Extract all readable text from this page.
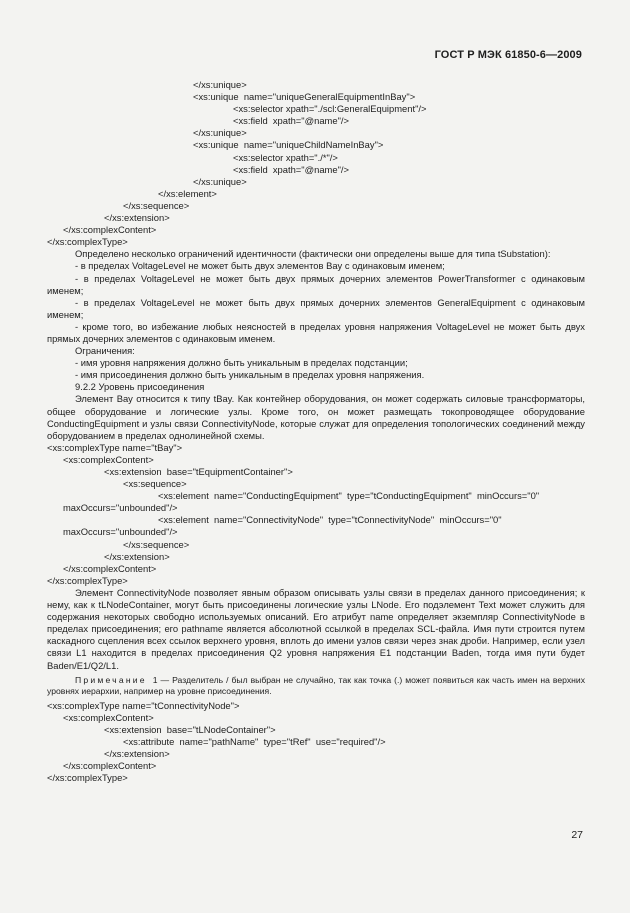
ГОСТ Р МЭК 61850-6—2009
</xs:unique>
<xs:unique  name="uniqueGeneralEquipmentInBay">
<xs:selector xpath="./scl:GeneralEquipment"/>
<xs:field  xpath="@name"/>
</xs:unique>
<xs:unique  name="uniqueChildNameInBay">
<xs:selector xpath="./*"/>
<xs:field  xpath="@name"/>
</xs:unique>
</xs:element>
</xs:sequence>
</xs:extension>
</xs:complexContent>
</xs:complexType>

Определено несколько ограничений идентичности (фактически они определены выше для типа tSubstation):

- в пределах VoltageLevel не может быть двух элементов Bay с одинаковым именем;

- в пределах VoltageLevel не может быть двух прямых дочерних элементов PowerTransformer с одинаковым именем;

- в пределах VoltageLevel не может быть двух прямых дочерних элементов GeneralEquipment с одинаковым именем;

- кроме того, во избежание любых неясностей в пределах уровня напряжения VoltageLevel не может быть двух прямых дочерних элементов с одинаковым именем.

Ограничения:

- имя уровня напряжения должно быть уникальным в пределах подстанции;

- имя присоединения должно быть уникальным в пределах уровня напряжения.

9.2.2 Уровень присоединения

Элемент Bay относится к типу tBay. Как контейнер оборудования, он может содержать силовые трансформаторы, общее оборудование и логические узлы. Кроме того, он может размещать токопроводящее оборудование ConductingEquipment и узлы связи ConnectivityNode, которые служат для определения топологических соединений между оборудованием в пределах однолинейной схемы.

<xs:complexType name="tBay">
<xs:complexContent>
<xs:extension  base="tEquipmentContainer">
<xs:sequence>
<xs:element  name="ConductingEquipment"  type="tConductingEquipment"  minOccurs="0"
maxOccurs="unbounded"/>
<xs:element  name="ConnectivityNode"  type="tConnectivityNode"  minOccurs="0"
maxOccurs="unbounded"/>
</xs:sequence>
</xs:extension>
</xs:complexContent>
</xs:complexType>

Элемент ConnectivityNode позволяет явным образом описывать узлы связи в пределах данного присоединения; к нему, как к tLNodeContainer, могут быть присоединены логические узлы LNode. Его подэлемент Text может служить для содержания некоторых свободно используемых описаний. Его атрибут name определяет экземпляр ConnectivityNode в пределах присоединения; его pathname является абсолютной ссылкой в пределах SCL-файла. Имя пути строится путем каскадного сцепления всех ссылок верхнего уровня, вплоть до имени узлов связи через знак дроби. Например, если узел связи L1 находится в пределах присоединения Q2 уровня напряжения E1 подстанции Baden, тогда имя пути будет Baden/E1/Q2/L1.

Примечание 1 — Разделитель / был выбран не случайно, так как точка (.) может появиться как часть имен на верхних уровнях иерархии, например на уровне присоединения.

<xs:complexType name="tConnectivityNode">
<xs:complexContent>
<xs:extension  base="tLNodeContainer">
<xs:attribute  name="pathName"  type="tRef"  use="required"/>
</xs:extension>
</xs:complexContent>
</xs:complexType>
27
